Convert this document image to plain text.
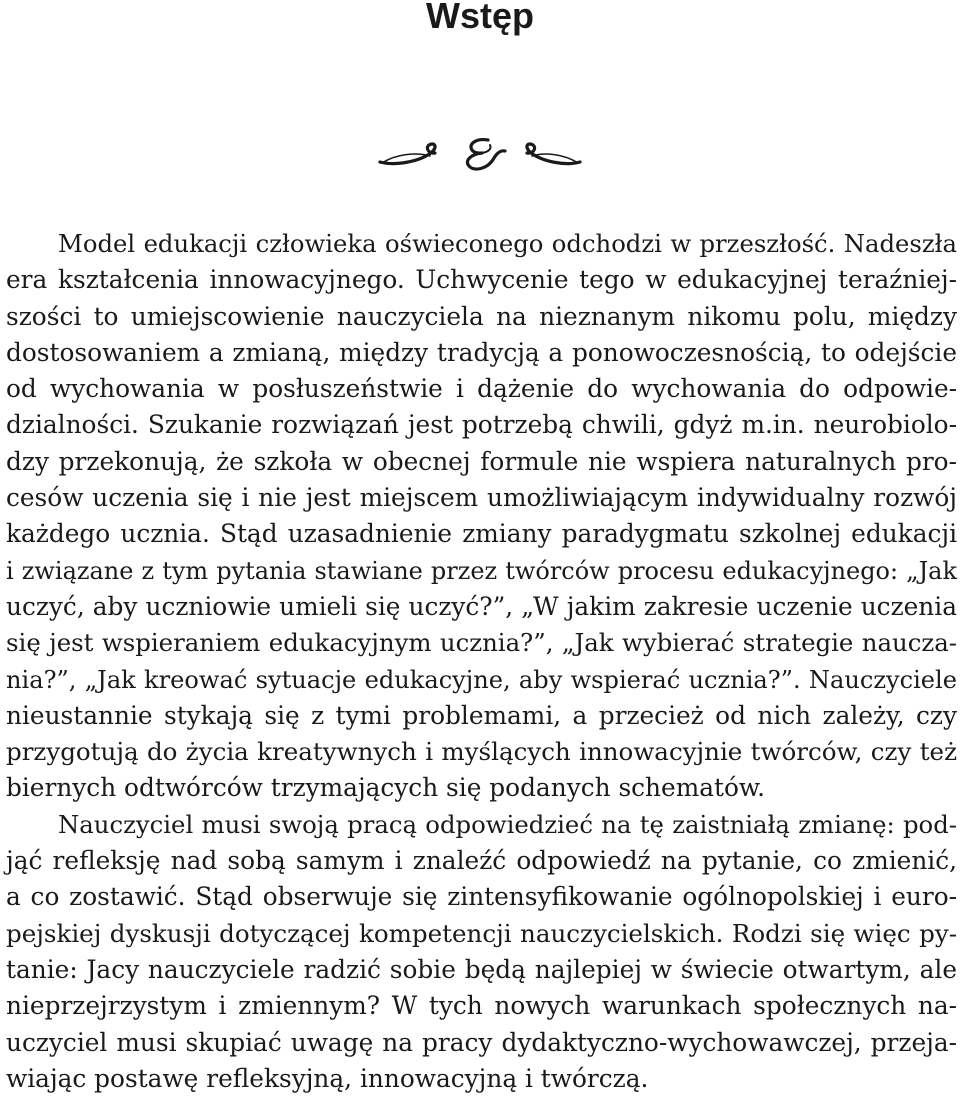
Wstęp
Model edukacji człowieka oświeconego odchodzi w przeszłość. Nadeszła
era kształcenia innowacyjnego. Uchwycenie tego w edukacyjnej teraźniej-
szości to umiejscowienie nauczyciela na nieznanym nikomu polu, między
dostosowaniem a zmianą, między tradycją a ponowoczesnością, to odejście
od wychowania w posłuszeństwie i dążenie do wychowania do odpowie-
dzialności. Szukanie rozwiązań jest potrzebą chwili, gdyż m.in. neurobiolo-
dzy przekonują, że szkoła w obecnej formule nie wspiera naturalnych pro-
cesów uczenia się i nie jest miejscem umożliwiającym indywidualny rozwój
każdego ucznia. Stąd uzasadnienie zmiany paradygmatu szkolnej edukacji
i związane z tym pytania stawiane przez twórców procesu edukacyjnego: „Jak
uczyć, aby uczniowie umieli się uczyć?”, „W jakim zakresie uczenie uczenia
się jest wspieraniem edukacyjnym ucznia?”, „Jak wybierać strategie naucza-
nia?”, „Jak kreować sytuacje edukacyjne, aby wspierać ucznia?”. Nauczyciele
nieustannie stykają się z tymi problemami, a przecież od nich zależy, czy
przygotują do życia kreatywnych i myślących innowacyjnie twórców, czy też
biernych odtwórców trzymających się podanych schematów.
Nauczyciel musi swoją pracą odpowiedzieć na tę zaistniałą zmianę: pod-
jąć refleksję nad sobą samym i znaleźć odpowiedź na pytanie, co zmienić,
a co zostawić. Stąd obserwuje się zintensyfikowanie ogólnopolskiej i euro-
pejskiej dyskusji dotyczącej kompetencji nauczycielskich. Rodzi się więc py-
tanie: Jacy nauczyciele radzić sobie będą najlepiej w świecie otwartym, ale
nieprzejrzystym i zmiennym? W tych nowych warunkach społecznych na-
uczyciel musi skupiać uwagę na pracy dydaktyczno-wychowawczej, przeja-
wiając postawę refleksyjną, innowacyjną i twórczą.
